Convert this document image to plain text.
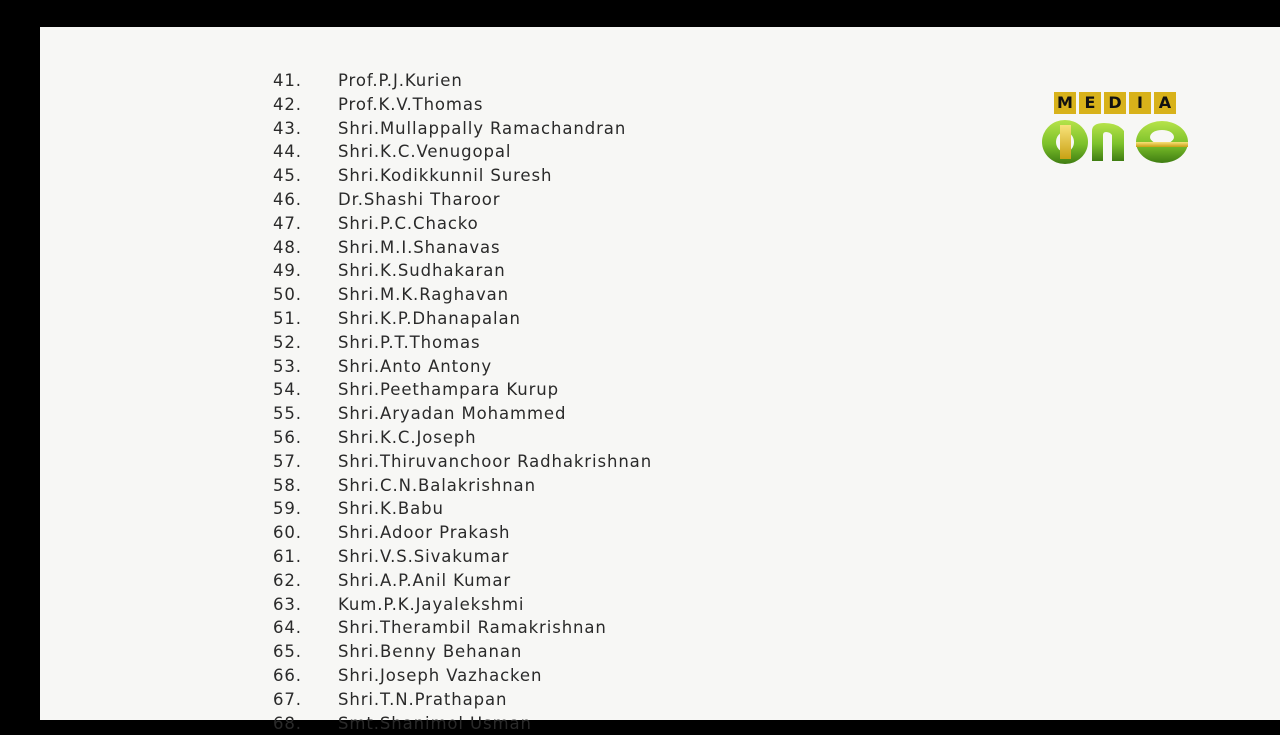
41.	Prof.P.J.Kurien
42.	Prof.K.V.Thomas
43.	Shri.Mullappally Ramachandran
44.	Shri.K.C.Venugopal
45.	Shri.Kodikkunnil Suresh
46.	Dr.Shashi Tharoor
47.	Shri.P.C.Chacko
48.	Shri.M.I.Shanavas
49.	Shri.K.Sudhakaran
50.	Shri.M.K.Raghavan
51.	Shri.K.P.Dhanapalan
52.	Shri.P.T.Thomas
53.	Shri.Anto Antony
54.	Shri.Peethampara Kurup
55.	Shri.Aryadan Mohammed
56.	Shri.K.C.Joseph
57.	Shri.Thiruvanchoor Radhakrishnan
58.	Shri.C.N.Balakrishnan
59.	Shri.K.Babu
60.	Shri.Adoor Prakash
61.	Shri.V.S.Sivakumar
62.	Shri.A.P.Anil Kumar
63.	Kum.P.K.Jayalekshmi
64.	Shri.Therambil Ramakrishnan
65.	Shri.Benny Behanan
66.	Shri.Joseph Vazhacken
67.	Shri.T.N.Prathapan
68.	Smt.Shanimol Usman
M E D I A
